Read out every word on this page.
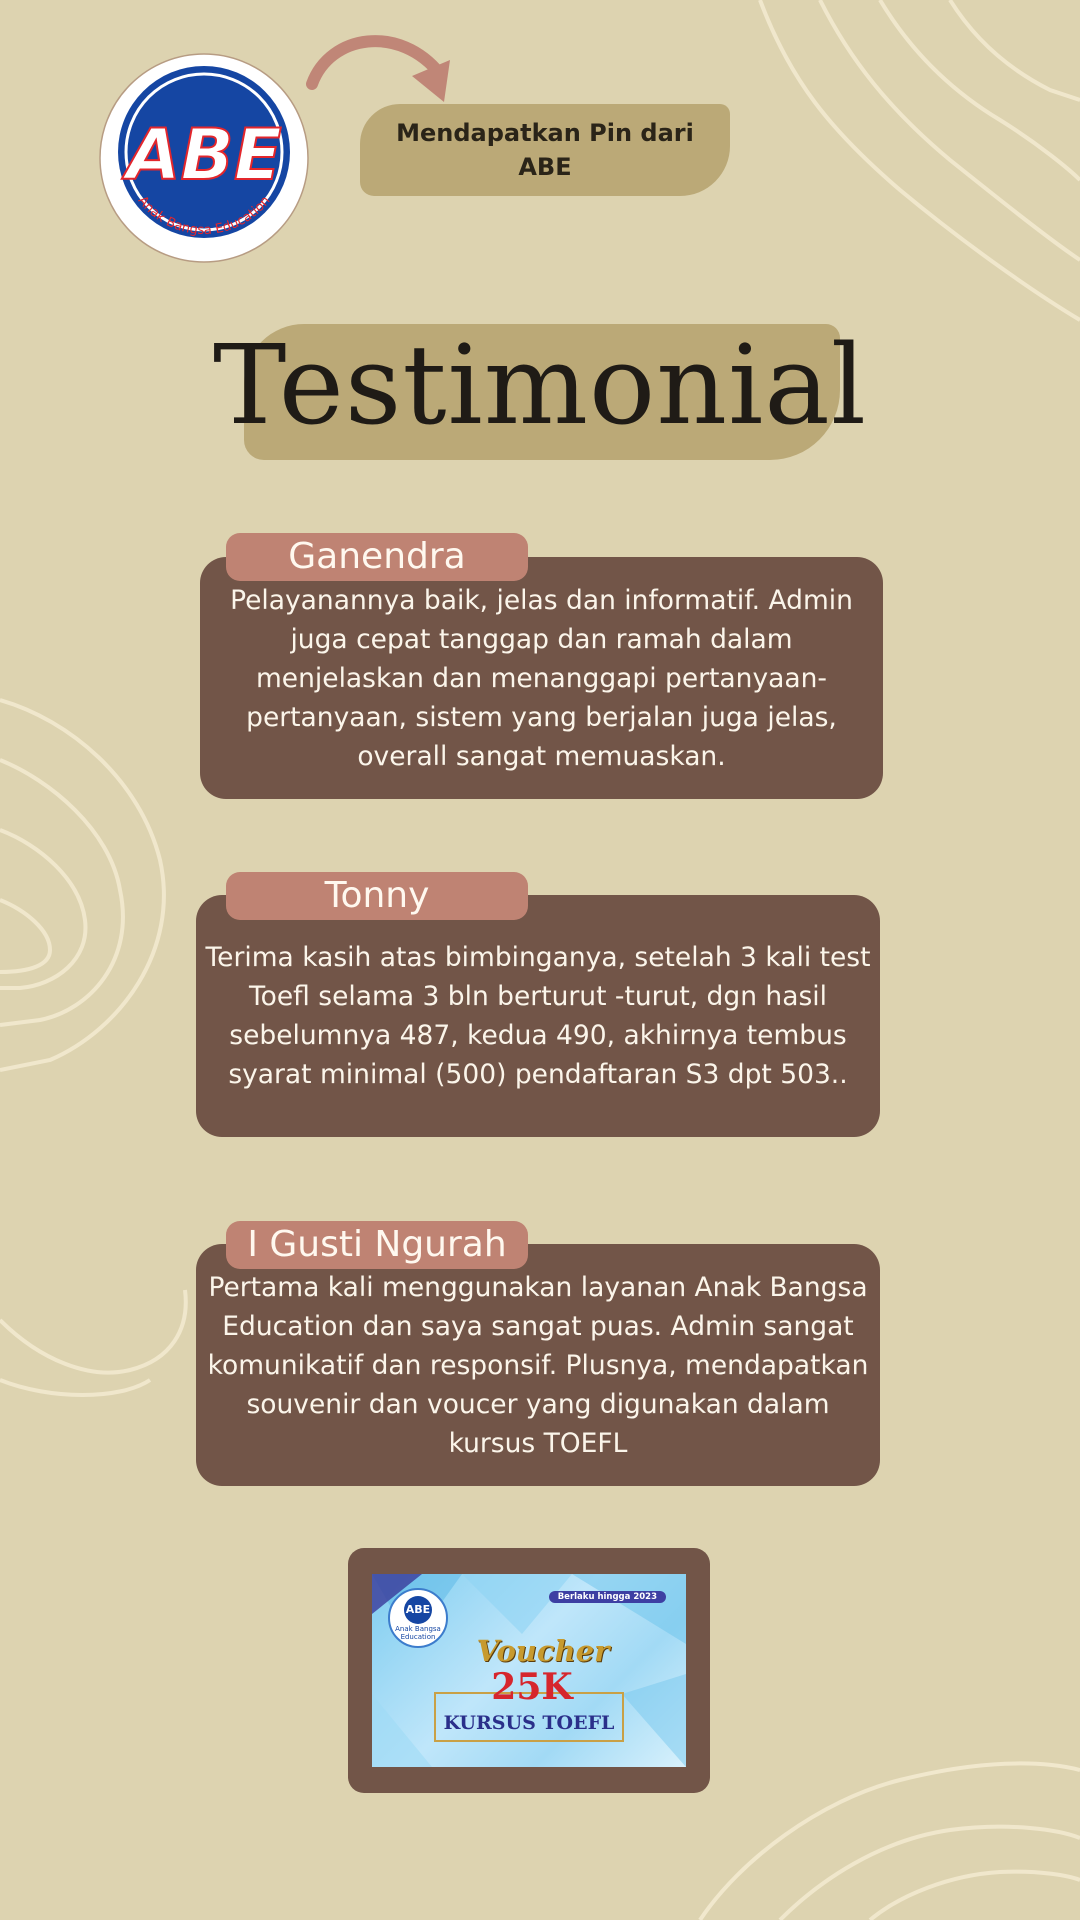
ABE
Anak Bangsa Education
Mendapatkan Pin dari ABE
Testimonial
Pelayanannya baik, jelas dan informatif. Admin juga cepat tanggap dan ramah dalam menjelaskan dan menanggapi pertanyaan-pertanyaan, sistem yang berjalan juga jelas, overall sangat memuaskan.
Ganendra
Terima kasih atas bimbinganya, setelah 3 kali test Toefl selama 3 bln berturut -turut, dgn hasil sebelumnya 487, kedua 490, akhirnya tembus syarat minimal (500) pendaftaran S3 dpt 503..
Tonny
Pertama kali menggunakan layanan Anak Bangsa Education dan saya sangat puas. Admin sangat komunikatif dan responsif. Plusnya, mendapatkan souvenir dan voucer yang digunakan dalam kursus TOEFL
I Gusti Ngurah
Berlaku hingga 2023
ABE
Anak Bangsa Education	Voucher
25K
KURSUS TOEFL
